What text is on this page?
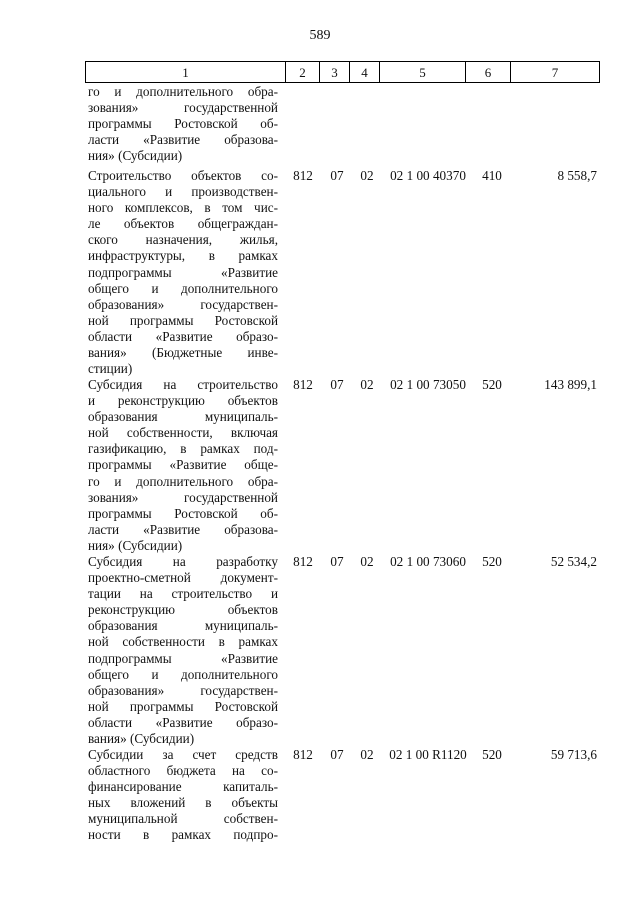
589
1	2	3	4	5	6	7
го и дополнительного обра-
зования» государственной
программы Ростовской об-
ласти «Развитие образова-
ния» (Субсидии)
Строительство объектов со-
циального и производствен-
ного комплексов, в том чис-
ле объектов общеграждан-
ского назначения, жилья,
инфраструктуры, в рамках
подпрограммы «Развитие
общего и дополнительного
образования» государствен-
ной программы Ростовской
области «Развитие образо-
вания» (Бюджетные инве-
стиции)
812	07	02	02 1 00 40370	410	8 558,7
Субсидия на строительство
и реконструкцию объектов
образования муниципаль-
ной собственности, включая
газификацию, в рамках под-
программы «Развитие обще-
го и дополнительного обра-
зования» государственной
программы Ростовской об-
ласти «Развитие образова-
ния» (Субсидии)
812	07	02	02 1 00 73050	520	143 899,1
Субсидия на разработку
проектно-сметной документ-
тации на строительство и
реконструкцию объектов
образования муниципаль-
ной собственности в рамках
подпрограммы «Развитие
общего и дополнительного
образования» государствен-
ной программы Ростовской
области «Развитие образо-
вания» (Субсидии)
812	07	02	02 1 00 73060	520	52 534,2
Субсидии за счет средств
областного бюджета на со-
финансирование капиталь-
ных вложений в объекты
муниципальной собствен-
ности в рамках подпро-
812	07	02	02 1 00 R1120	520	59 713,6
